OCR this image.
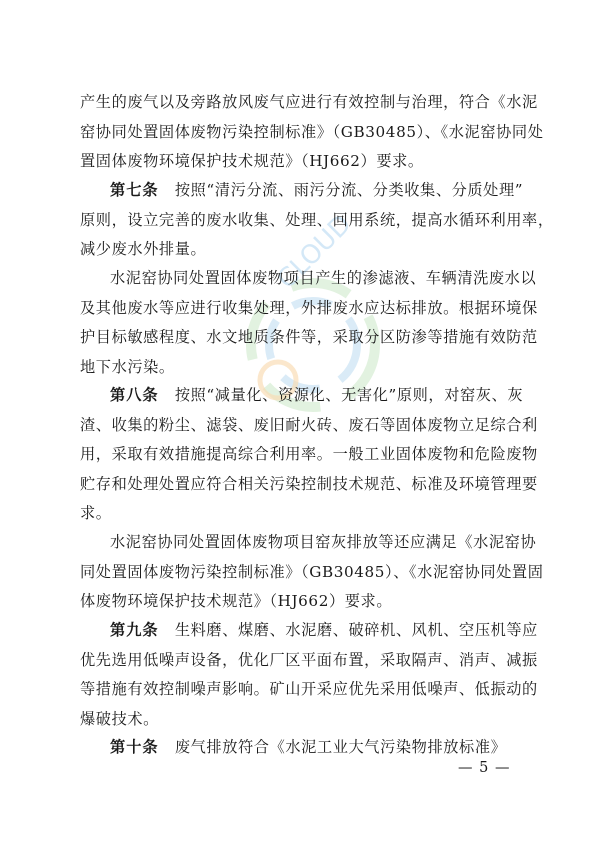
CLOUD

产生的废气以及旁路放风废气应进行有效控制与治理，符合《水泥
窑协同处置固体废物污染控制标准》（GB30485）、《水泥窑协同处
置固体废物环境保护技术规范》（HJ662）要求。

第七条 按照“清污分流、雨污分流、分类收集、分质处理”
原则，设立完善的废水收集、处理、回用系统，提高水循环利用率，
减少废水外排量。

水泥窑协同处置固体废物项目产生的渗滤液、车辆清洗废水以
及其他废水等应进行收集处理，外排废水应达标排放。根据环境保
护目标敏感程度、水文地质条件等，采取分区防渗等措施有效防范
地下水污染。

第八条 按照“减量化、资源化、无害化”原则，对窑灰、灰
渣、收集的粉尘、滤袋、废旧耐火砖、废石等固体废物立足综合利
用，采取有效措施提高综合利用率。一般工业固体废物和危险废物
贮存和处理处置应符合相关污染控制技术规范、标准及环境管理要
求。

水泥窑协同处置固体废物项目窑灰排放等还应满足《水泥窑协
同处置固体废物污染控制标准》（GB30485）、《水泥窑协同处置固
体废物环境保护技术规范》（HJ662）要求。

第九条 生料磨、煤磨、水泥磨、破碎机、风机、空压机等应
优先选用低噪声设备，优化厂区平面布置，采取隔声、消声、减振
等措施有效控制噪声影响。矿山开采应优先采用低噪声、低振动的
爆破技术。

第十条 废气排放符合《水泥工业大气污染物排放标准》

— 5 —
